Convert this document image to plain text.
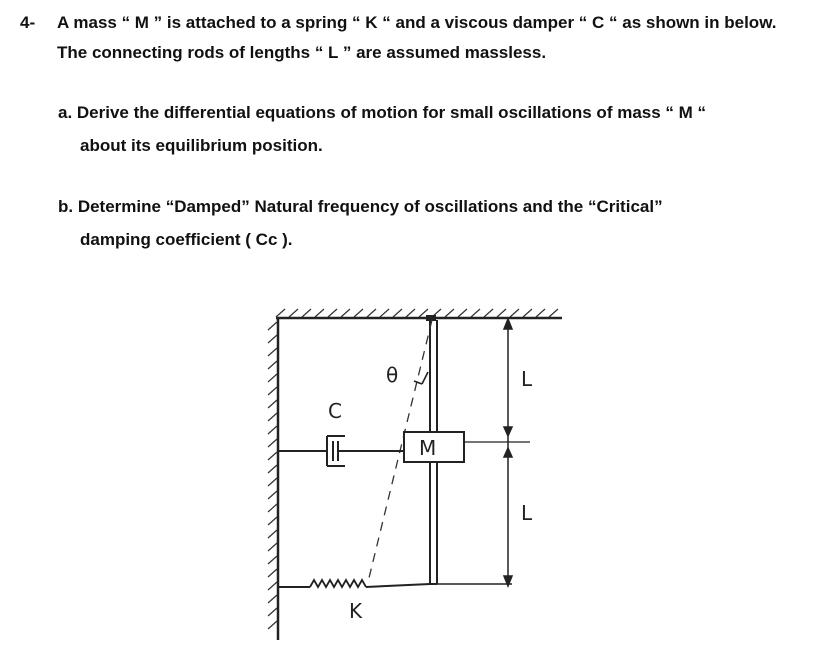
4- A mass “ M ” is attached to a spring “ K “ and a viscous damper “ C “ as shown in below. The connecting rods of lengths “ L ” are assumed massless.
a. Derive the differential equations of motion for small oscillations of mass “ M “
about its equilibrium position.
b. Determine “Damped” Natural frequency of oscillations and the “Critical”
damping coefficient ( Cc ).
θ
C
M
K
L
L
